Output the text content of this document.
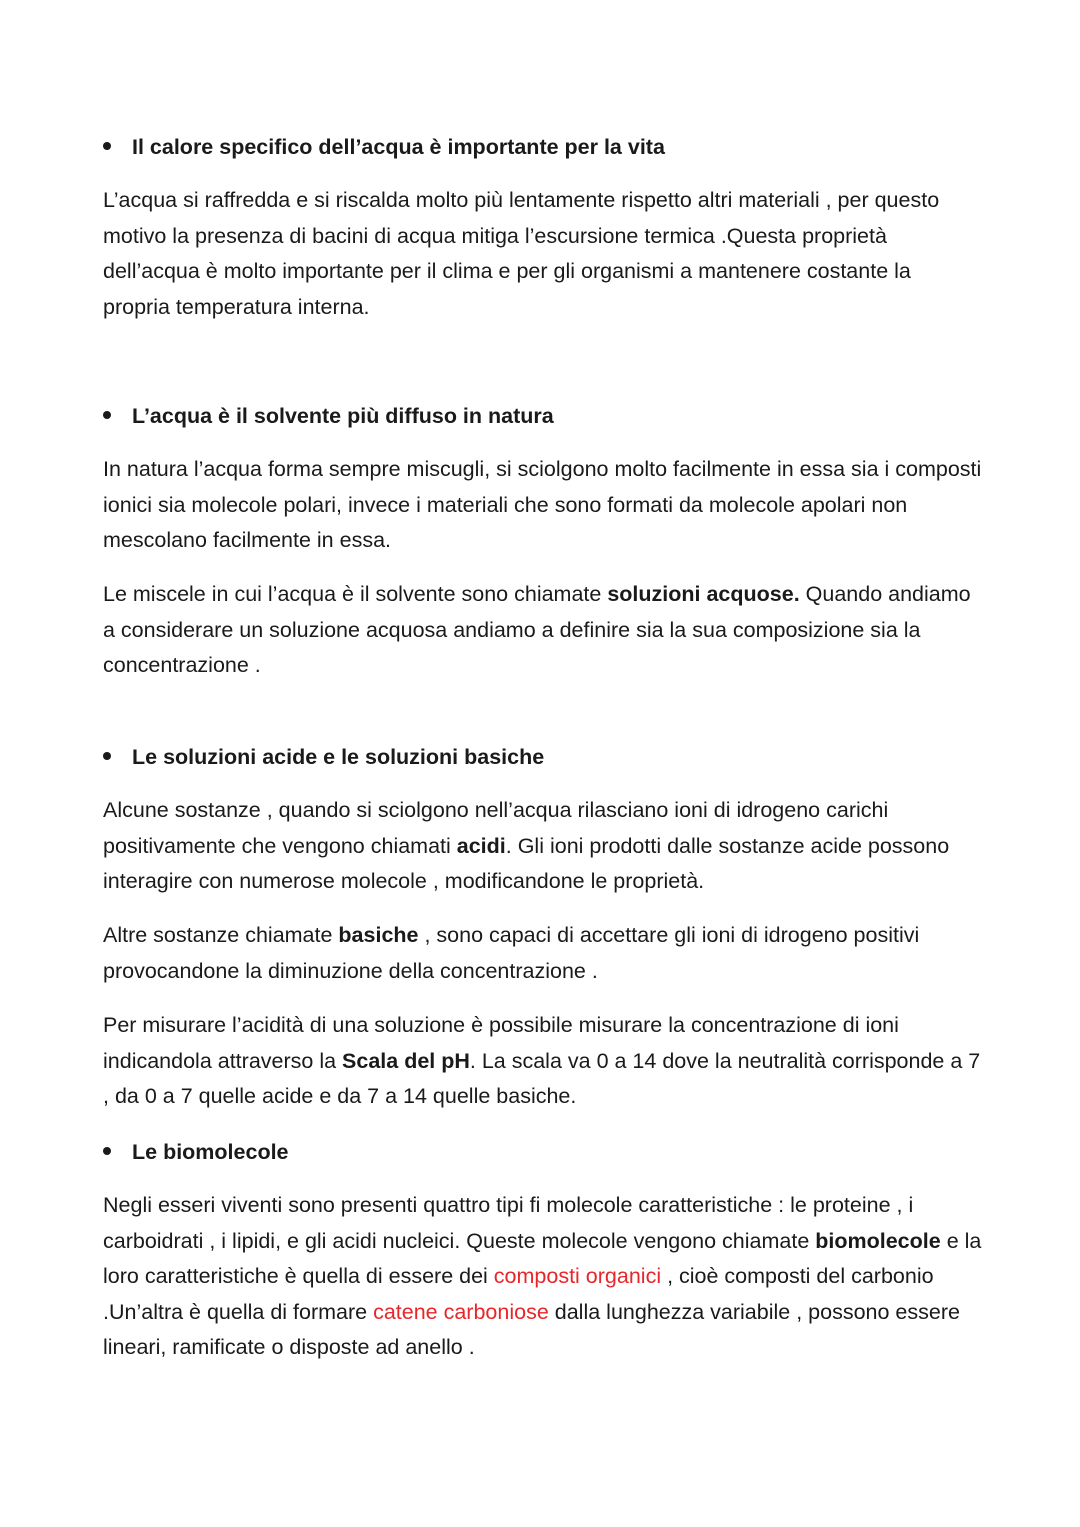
Il calore specifico dell’acqua è importante per la vita
L’acqua si raffredda e si riscalda molto più lentamente rispetto altri materiali , per questo motivo la presenza di bacini di acqua mitiga l’escursione termica .Questa proprietà dell’acqua è molto importante per il clima e per gli organismi a mantenere costante la propria temperatura interna.
L’acqua è il solvente più diffuso in natura
In natura l’acqua forma sempre miscugli, si sciolgono molto facilmente in essa sia i composti ionici sia molecole polari, invece i materiali che sono formati da molecole apolari non mescolano facilmente in essa.
Le miscele in cui l’acqua è il solvente sono chiamate soluzioni acquose. Quando andiamo a considerare un soluzione acquosa andiamo a definire sia la sua composizione sia la concentrazione .
Le soluzioni acide e le soluzioni basiche
Alcune sostanze , quando si sciolgono nell’acqua rilasciano ioni di idrogeno carichi positivamente che vengono chiamati acidi. Gli ioni prodotti dalle sostanze acide possono interagire con numerose molecole , modificandone le proprietà.
Altre sostanze chiamate basiche , sono capaci di accettare gli ioni di idrogeno positivi provocandone la diminuzione della concentrazione .
Per misurare l’acidità di una soluzione è possibile misurare la concentrazione di ioni indicandola attraverso la Scala del pH. La scala va 0 a 14 dove la neutralità corrisponde a 7 , da 0 a 7 quelle acide e da 7 a 14 quelle basiche.
Le biomolecole
Negli esseri viventi sono presenti quattro tipi fi molecole caratteristiche : le proteine , i carboidrati , i lipidi, e gli acidi nucleici. Queste molecole vengono chiamate biomolecole e la loro caratteristiche è quella di essere dei composti organici , cioè composti del carbonio .Un’altra è quella di formare catene carboniose dalla lunghezza variabile , possono essere lineari, ramificate o disposte ad anello .
